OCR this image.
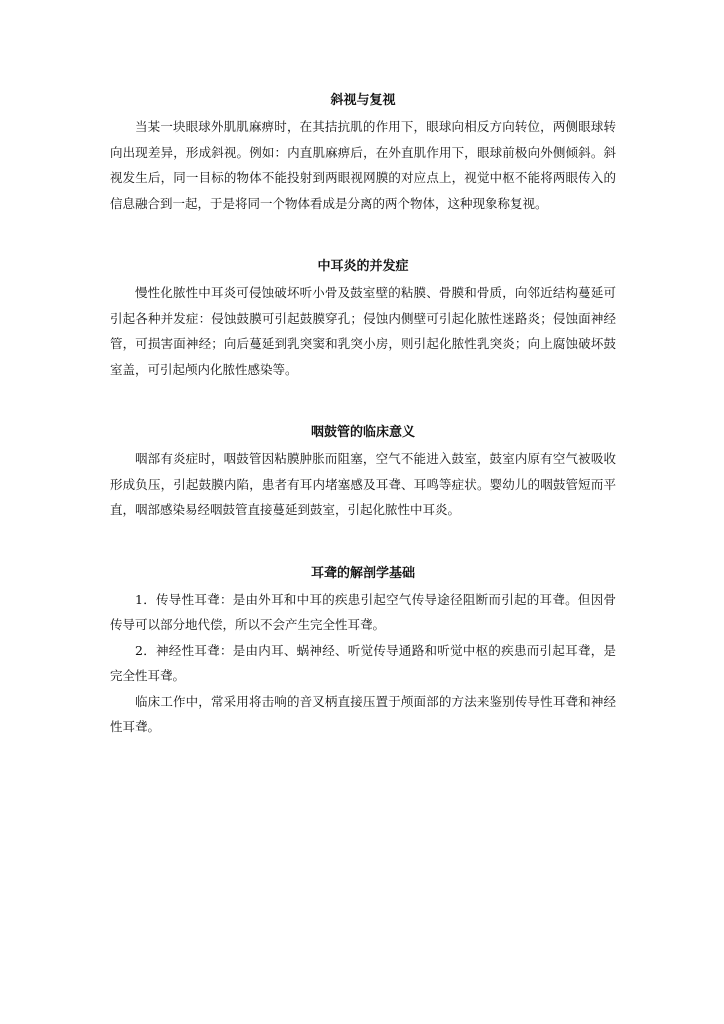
斜视与复视

当某一块眼球外肌肌麻痹时，在其拮抗肌的作用下，眼球向相反方向转位，两侧眼球转向出现差异，形成斜视。例如：内直肌麻痹后，在外直肌作用下，眼球前极向外侧倾斜。斜视发生后，同一目标的物体不能投射到两眼视网膜的对应点上，视觉中枢不能将两眼传入的信息融合到一起，于是将同一个物体看成是分离的两个物体，这种现象称复视。

中耳炎的并发症

慢性化脓性中耳炎可侵蚀破坏听小骨及鼓室壁的粘膜、骨膜和骨质，向邻近结构蔓延可引起各种并发症：侵蚀鼓膜可引起鼓膜穿孔；侵蚀内侧壁可引起化脓性迷路炎；侵蚀面神经管，可损害面神经；向后蔓延到乳突窦和乳突小房，则引起化脓性乳突炎；向上腐蚀破坏鼓室盖，可引起颅内化脓性感染等。

咽鼓管的临床意义

咽部有炎症时，咽鼓管因粘膜肿胀而阻塞，空气不能进入鼓室，鼓室内原有空气被吸收形成负压，引起鼓膜内陷，患者有耳内堵塞感及耳聋、耳鸣等症状。婴幼儿的咽鼓管短而平直，咽部感染易经咽鼓管直接蔓延到鼓室，引起化脓性中耳炎。

耳聋的解剖学基础

1．传导性耳聋：是由外耳和中耳的疾患引起空气传导途径阻断而引起的耳聋。但因骨传导可以部分地代偿，所以不会产生完全性耳聋。

2．神经性耳聋：是由内耳、蜗神经、听觉传导通路和听觉中枢的疾患而引起耳聋，是完全性耳聋。

临床工作中，常采用将击响的音叉柄直接压置于颅面部的方法来鉴别传导性耳聋和神经性耳聋。
